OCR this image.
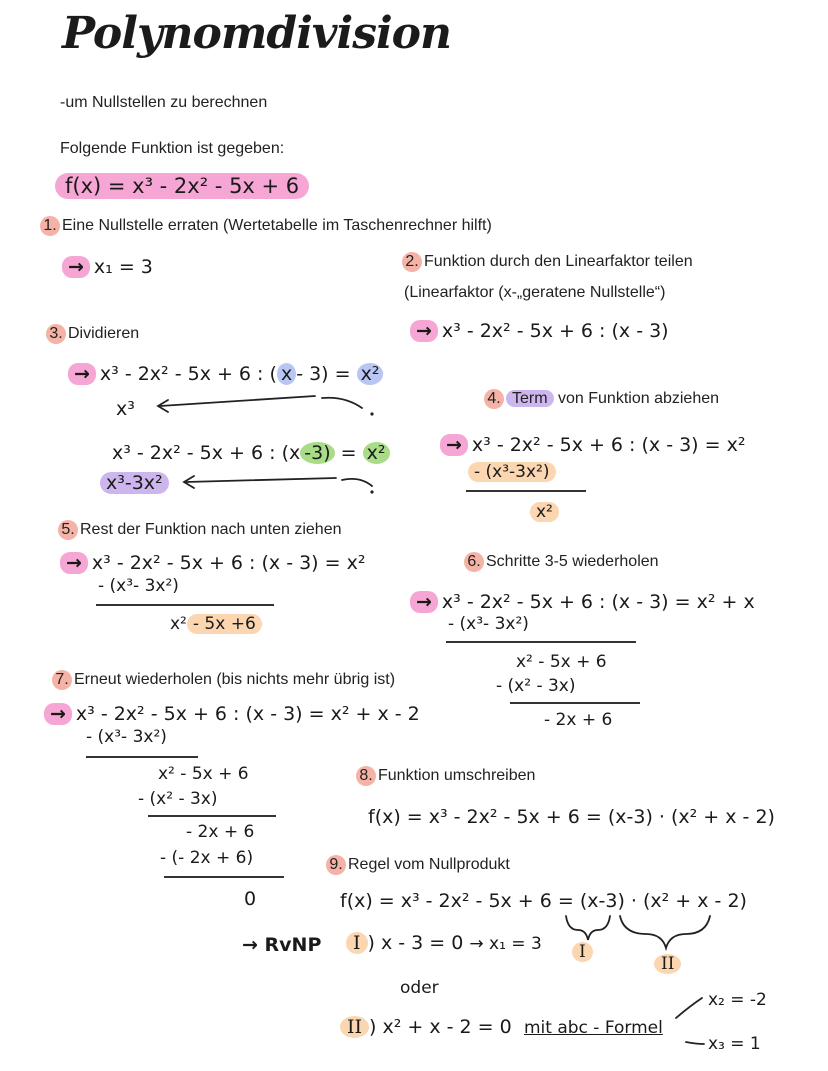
Polynomdivision
-um Nullstellen zu berechnen
Folgende Funktion ist gegeben:
f(x) = x³ - 2x² - 5x + 6
1. Eine Nullstelle erraten (Wertetabelle im Taschenrechner hilft)
→ x₁ = 3	2. Funktion durch den Linearfaktor teilen
(Linearfaktor (x-„geratene Nullstelle“)
→ x³ - 2x² - 5x + 6 : (x - 3)
3. Dividieren
→ x³ - 2x² - 5x + 6 : ( x - 3) = x²
x³
x³ - 2x² - 5x + 6 : (x -3) = x²
x³-3x²
4. Term von Funktion abziehen
→ x³ - 2x² - 5x + 6 : (x - 3) = x²
- (x³-3x²)
x²
5. Rest der Funktion nach unten ziehen
→ x³ - 2x² - 5x + 6 : (x - 3) = x²
- (x³- 3x²)
x² - 5x +6
6. Schritte 3-5 wiederholen
→ x³ - 2x² - 5x + 6 : (x - 3) = x² + x
- (x³- 3x²)
x² - 5x + 6
- (x² - 3x)
- 2x + 6
7. Erneut wiederholen (bis nichts mehr übrig ist)
→ x³ - 2x² - 5x + 6 : (x - 3) = x² + x - 2
- (x³- 3x²)
x² - 5x + 6
- (x² - 3x)
- 2x + 6
- (- 2x + 6)
0
8. Funktion umschreiben
f(x) = x³ - 2x² - 5x + 6 = (x-3) · (x² + x - 2)
9. Regel vom Nullprodukt
f(x) = x³ - 2x² - 5x + 6 = (x-3) · (x² + x - 2)
I
II
→ RvNP	I ) x - 3 = 0 → x₁ = 3
oder
II ) x² + x - 2 = 0 mit abc - Formel
x₂ = -2
x₃ = 1
